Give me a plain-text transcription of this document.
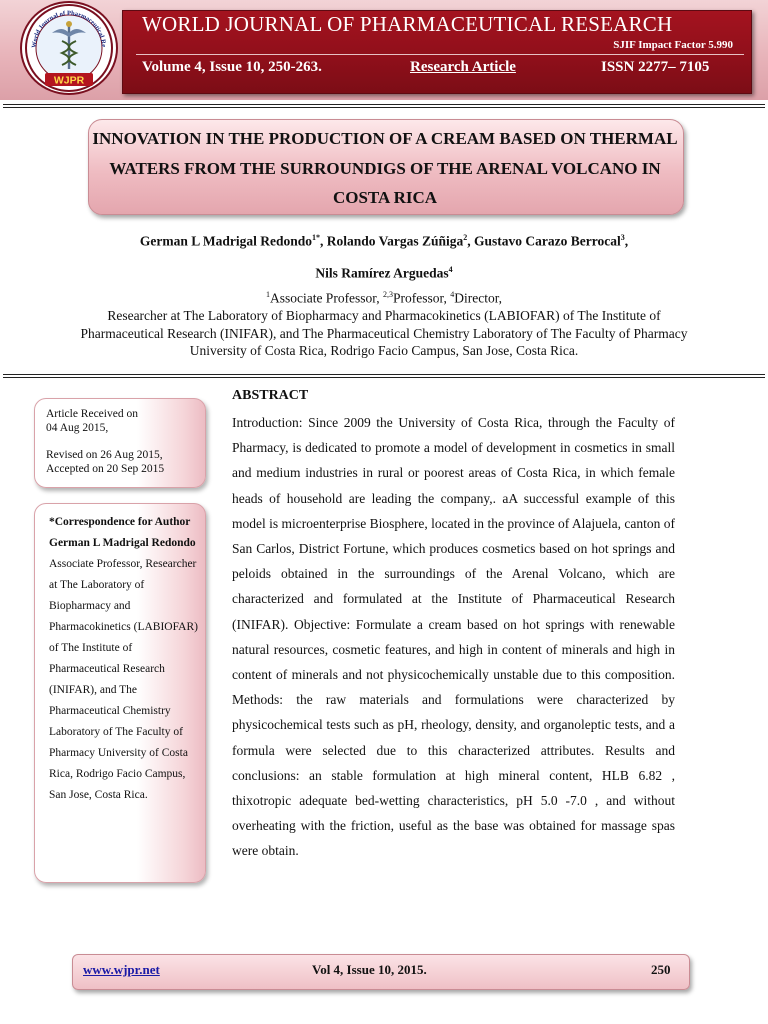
World Journal of Pharmaceutical Re
WJPR
WORLD JOURNAL OF PHARMACEUTICAL RESEARCH
SJIF Impact Factor 5.990
Volume 4, Issue 10, 250-263.	Research Article	ISSN 2277– 7105
INNOVATION IN THE PRODUCTION OF A CREAM BASED ON THERMAL WATERS FROM THE SURROUNDIGS OF THE ARENAL VOLCANO IN COSTA RICA
German L Madrigal Redondo$^{1*}$, Rolando Vargas Zúñiga$^2$, Gustavo Carazo Berrocal$^3$,
Nils Ramírez Arguedas$^4$
$^1$Associate Professor, $^{2,3}$Professor, $^4$Director,
Researcher at The Laboratory of Biopharmacy and Pharmacokinetics (LABIOFAR) of The Institute of Pharmaceutical Research (INIFAR), and The Pharmaceutical Chemistry Laboratory of The Faculty of Pharmacy University of Costa Rica, Rodrigo Facio Campus, San Jose, Costa Rica.
Article Received on
04 Aug 2015,
Revised on 26 Aug 2015,
Accepted on 20 Sep 2015
*Correspondence for Author
German L Madrigal Redondo
Associate Professor, Researcher at The Laboratory of Biopharmacy and Pharmacokinetics (LABIOFAR) of The Institute of Pharmaceutical Research (INIFAR), and The Pharmaceutical Chemistry Laboratory of The Faculty of Pharmacy University of Costa Rica, Rodrigo Facio Campus, San Jose, Costa Rica.
ABSTRACT
Introduction: Since 2009 the University of Costa Rica, through the Faculty of Pharmacy, is dedicated to promote a model of development in cosmetics in small and medium industries in rural or poorest areas of Costa Rica, in which female heads of household are leading the company,. aA successful example of this model is microenterprise Biosphere, located in the province of Alajuela, canton of San Carlos, District Fortune, which produces cosmetics based on hot springs and peloids obtained in the surroundings of the Arenal Volcano, which are characterized and formulated at the Institute of Pharmaceutical Research (INIFAR). Objective: Formulate a cream based on hot springs with renewable natural resources, cosmetic features, and high in content of minerals and high in content of minerals and not physicochemically unstable due to this composition. Methods: the raw materials and formulations were characterized by physicochemical tests such as pH, rheology, density, and organoleptic tests, and a formula were selected due to this characterized attributes. Results and conclusions: an stable formulation at high mineral content, HLB 6.82 , thixotropic adequate bed-wetting characteristics, pH 5.0 -7.0 , and without overheating with the friction, useful as the base was obtained for massage spas were obtain.
www.wjpr.net	Vol 4, Issue 10, 2015.	250
